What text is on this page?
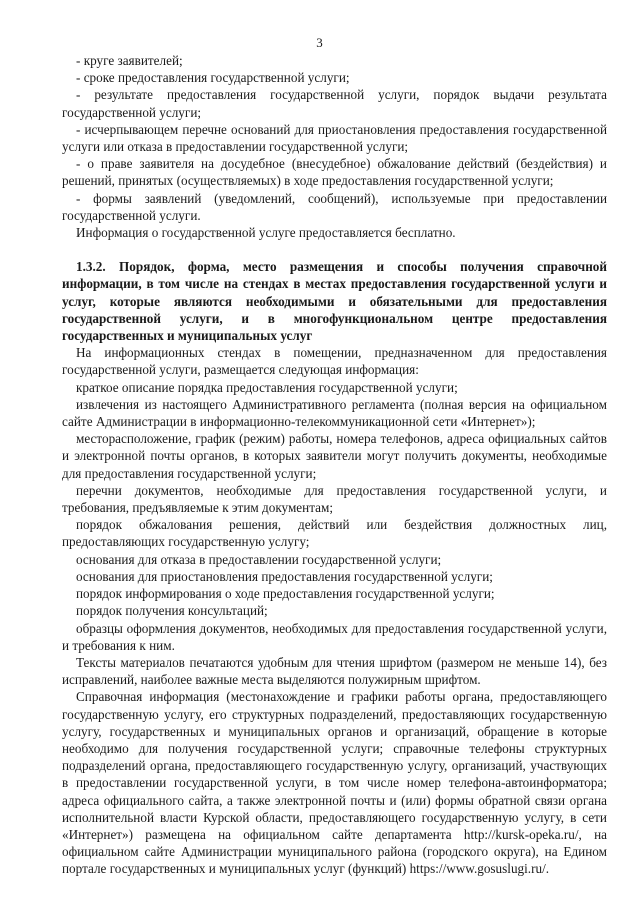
3

- круге заявителей;

- сроке предоставления государственной услуги;

- результате предоставления государственной услуги, порядок выдачи результата государственной услуги;

- исчерпывающем перечне оснований для приостановления предоставления государственной услуги или отказа в предоставлении государственной услуги;

- о праве заявителя на досудебное (внесудебное) обжалование действий (бездействия) и решений, принятых (осуществляемых) в ходе предоставления государственной услуги;

- формы заявлений (уведомлений, сообщений), используемые при предоставлении государственной услуги.

Информация о государственной услуге предоставляется бесплатно.

1.3.2. Порядок, форма, место размещения и способы получения справочной информации, в том числе на стендах в местах предоставления государственной услуги и услуг, которые являются необходимыми и обязательными для предоставления государственной услуги, и в многофункциональном центре предоставления государственных и муниципальных услуг

На информационных стендах в помещении, предназначенном для предоставления государственной услуги, размещается следующая информация:

краткое описание порядка предоставления государственной услуги;

извлечения из настоящего Административного регламента (полная версия на официальном сайте Администрации в информационно-телекоммуникационной сети «Интернет»);

месторасположение, график (режим) работы, номера телефонов, адреса официальных сайтов и электронной почты органов, в которых заявители могут получить документы, необходимые для предоставления государственной услуги;

перечни документов, необходимые для предоставления государственной услуги, и требования, предъявляемые к этим документам;

порядок обжалования решения, действий или бездействия должностных лиц, предоставляющих государственную услугу;

основания для отказа в предоставлении государственной услуги;

основания для приостановления предоставления государственной услуги;

порядок информирования о ходе предоставления государственной услуги;

порядок получения консультаций;

образцы оформления документов, необходимых для предоставления государственной услуги, и требования к ним.

Тексты материалов печатаются удобным для чтения шрифтом (размером не меньше 14), без исправлений, наиболее важные места выделяются полужирным шрифтом.

Справочная информация (местонахождение и графики работы органа, предоставляющего государственную услугу, его структурных подразделений, предоставляющих государственную услугу, государственных и муниципальных органов и организаций, обращение в которые необходимо для получения государственной услуги; справочные телефоны структурных подразделений органа, предоставляющего государственную услугу, организаций, участвующих в предоставлении государственной услуги, в том числе номер телефона-автоинформатора; адреса официального сайта, а также электронной почты и (или) формы обратной связи органа исполнительной власти Курской области, предоставляющего государственную услугу, в сети «Интернет») размещена на официальном сайте департамента http://kursk-opeka.ru/, на официальном сайте Администрации муниципального района (городского округа), на Едином портале государственных и муниципальных услуг (функций) https://www.gosuslugi.ru/.
